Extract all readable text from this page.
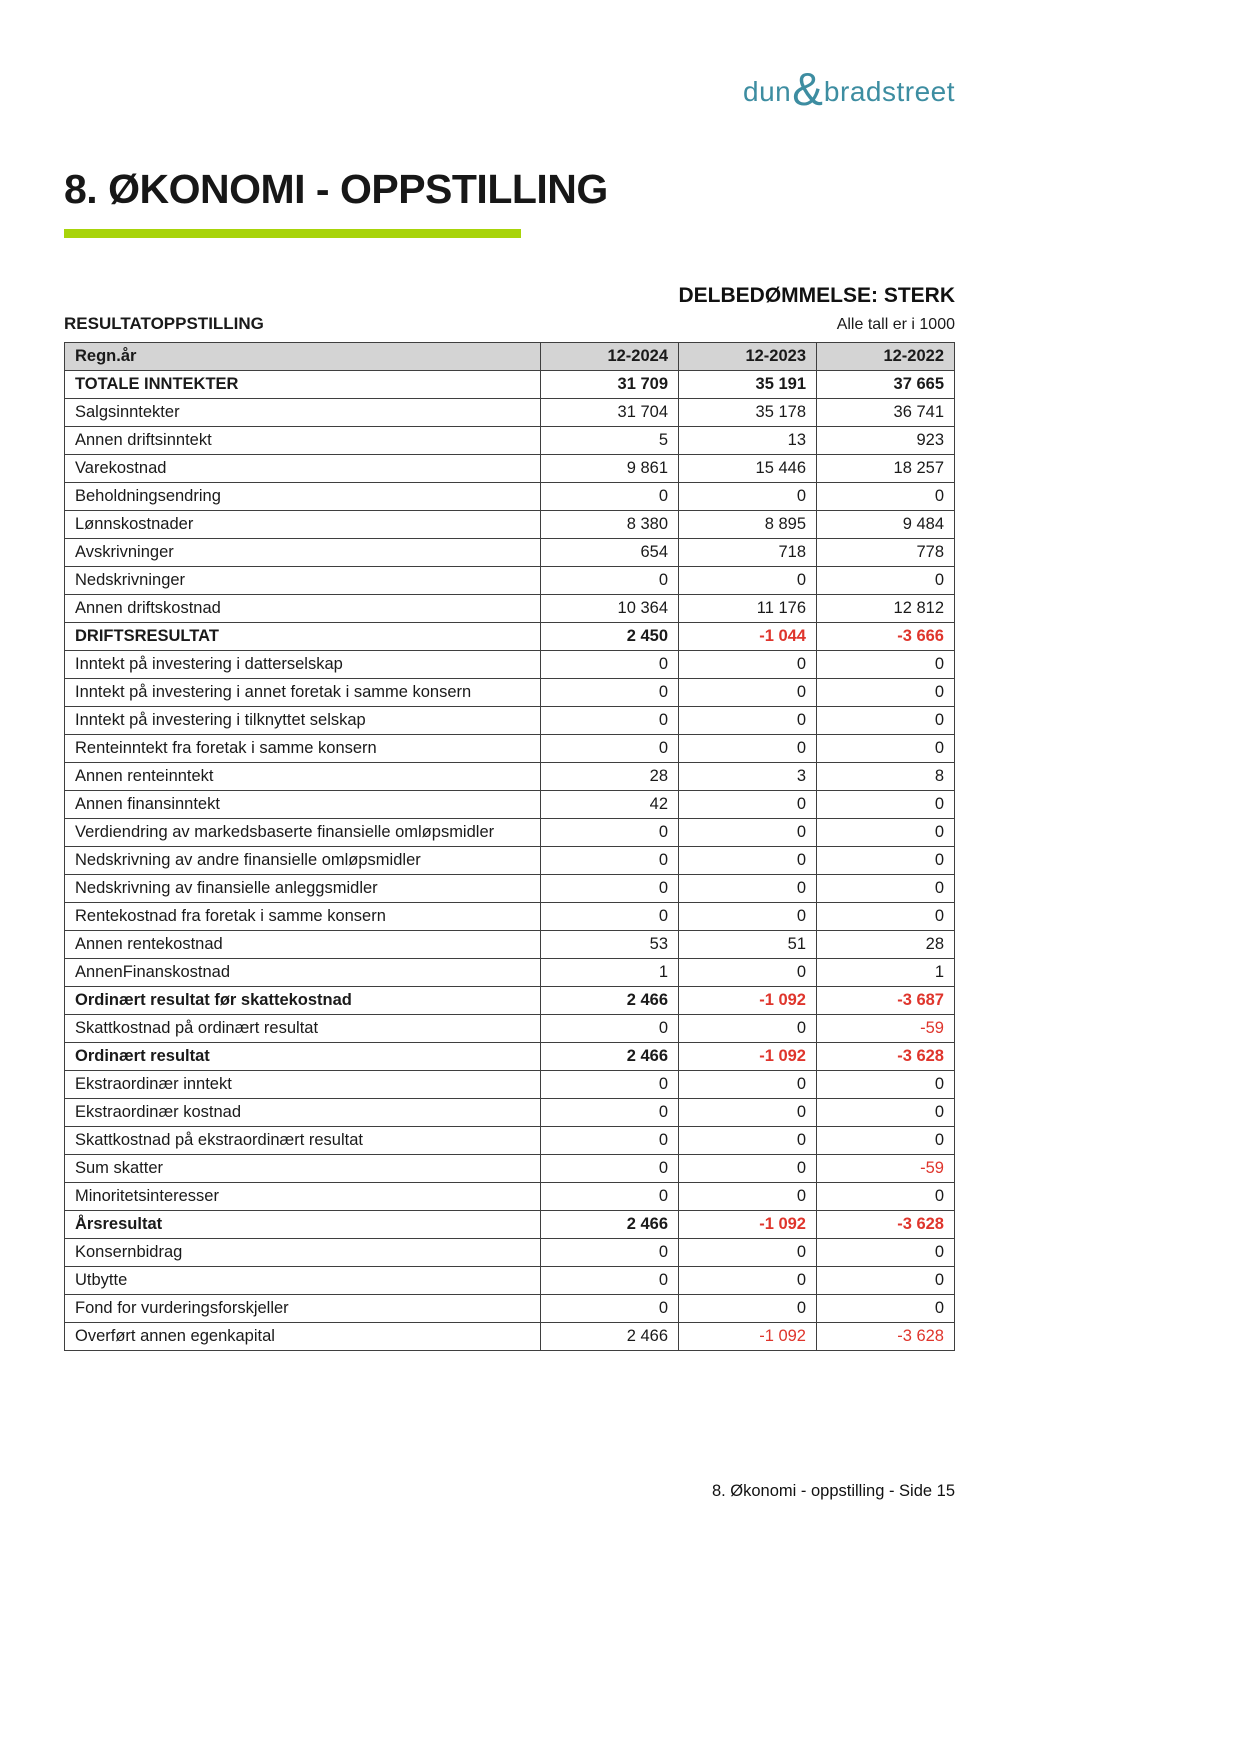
dun & bradstreet
8. ØKONOMI - OPPSTILLING
DELBEDØMMELSE: STERK
RESULTATOPPSTILLING	Alle tall er i 1000
Regn.år	12-2024	12-2023	12-2022
TOTALE INNTEKTER	31 709	35 191	37 665
Salgsinntekter	31 704	35 178	36 741
Annen driftsinntekt	5	13	923
Varekostnad	9 861	15 446	18 257
Beholdningsendring	0	0	0
Lønnskostnader	8 380	8 895	9 484
Avskrivninger	654	718	778
Nedskrivninger	0	0	0
Annen driftskostnad	10 364	11 176	12 812
DRIFTSRESULTAT	2 450	-1 044	-3 666
Inntekt på investering i datterselskap	0	0	0
Inntekt på investering i annet foretak i samme konsern	0	0	0
Inntekt på investering i tilknyttet selskap	0	0	0
Renteinntekt fra foretak i samme konsern	0	0	0
Annen renteinntekt	28	3	8
Annen finansinntekt	42	0	0
Verdiendring av markedsbaserte finansielle omløpsmidler	0	0	0
Nedskrivning av andre finansielle omløpsmidler	0	0	0
Nedskrivning av finansielle anleggsmidler	0	0	0
Rentekostnad fra foretak i samme konsern	0	0	0
Annen rentekostnad	53	51	28
AnnenFinanskostnad	1	0	1
Ordinært resultat før skattekostnad	2 466	-1 092	-3 687
Skattkostnad på ordinært resultat	0	0	-59
Ordinært resultat	2 466	-1 092	-3 628
Ekstraordinær inntekt	0	0	0
Ekstraordinær kostnad	0	0	0
Skattkostnad på ekstraordinært resultat	0	0	0
Sum skatter	0	0	-59
Minoritetsinteresser	0	0	0
Årsresultat	2 466	-1 092	-3 628
Konsernbidrag	0	0	0
Utbytte	0	0	0
Fond for vurderingsforskjeller	0	0	0
Overført annen egenkapital	2 466	-1 092	-3 628
8. Økonomi - oppstilling - Side 15
